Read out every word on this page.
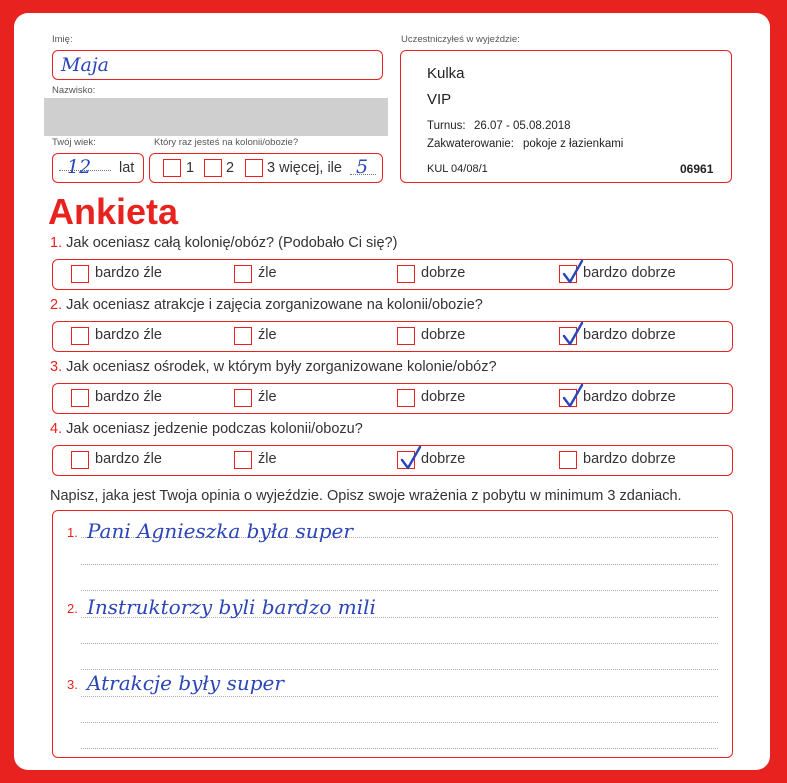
Imię:
Maja
Nazwisko:
Twój wiek:
12 lat
Który raz jesteś na kolonii/obozie?
1 2 3 więcej, ile 5
Uczestniczyłeś w wyjeździe:
Kulka
VIP
Turnus: 26.07 - 05.08.2018
Zakwaterowanie: pokoje z łazienkami
KUL 04/08/1	06961
Ankieta
1. Jak oceniasz całą kolonię/obóz? (Podobało Ci się?)
bardzo źle	źle	dobrze	bardzo dobrze
2. Jak oceniasz atrakcje i zajęcia zorganizowane na kolonii/obozie?
bardzo źle	źle	dobrze	bardzo dobrze
3. Jak oceniasz ośrodek, w którym były zorganizowane kolonie/obóz?
bardzo źle	źle	dobrze	bardzo dobrze
4. Jak oceniasz jedzenie podczas kolonii/obozu?
bardzo źle	źle	dobrze	bardzo dobrze
Napisz, jaka jest Twoja opinia o wyjeździe. Opisz swoje wrażenia z pobytu w minimum 3 zdaniach.
1. Pani Agnieszka była super
2. Instruktorzy byli bardzo mili
3. Atrakcje były super
